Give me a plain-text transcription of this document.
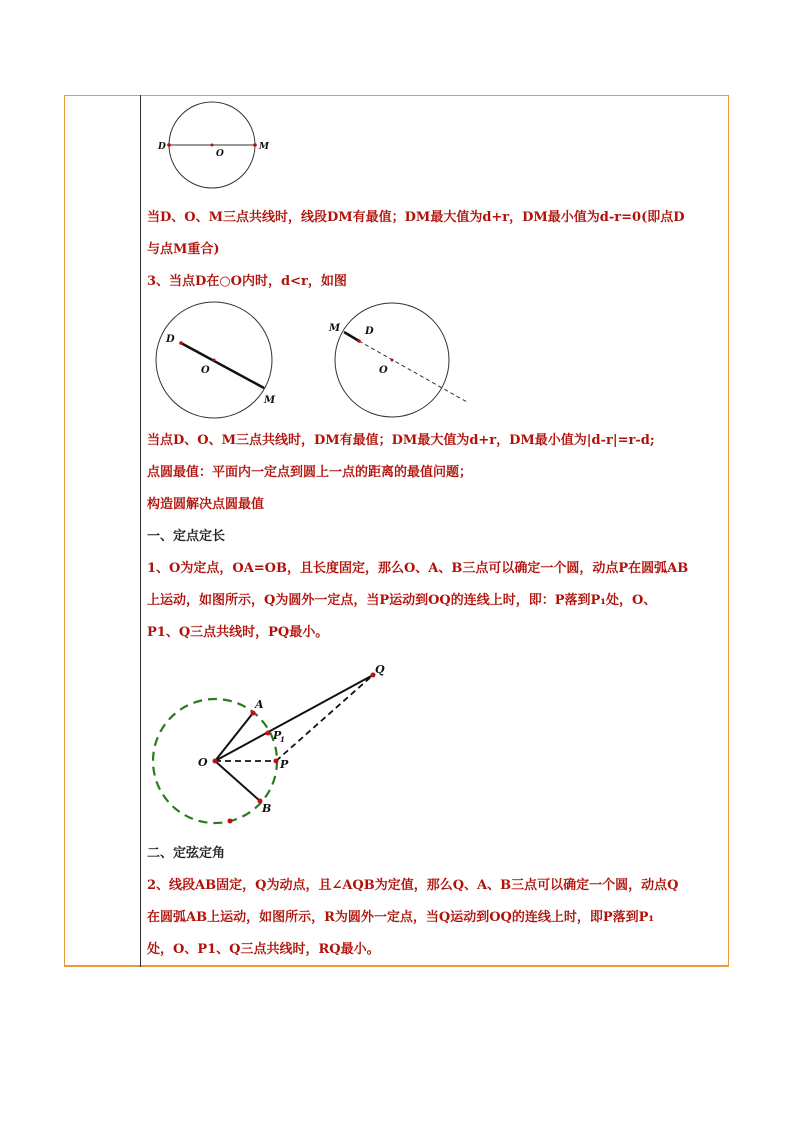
D
O
M
当D、O、M三点共线时，线段DM有最值；DM最大值为d+r，DM最小值为d-r=0(即点D
与点M重合)
3、当点D在○O内时，d<r，如图
D
O
M
M D
O
当点D、O、M三点共线时，DM有最值；DM最大值为d+r，DM最小值为|d-r|=r-d;
点圆最值：平面内一定点到圆上一点的距离的最值问题；
构造圆解决点圆最值
一、定点定长
1、O为定点，OA=OB，且长度固定，那么O、A、B三点可以确定一个圆，动点P在圆弧AB
上运动，如图所示，Q为圆外一定点，当P运动到OQ的连线上时，即：P落到P₁处，O、
P1、Q三点共线时，PQ最小。
Q
A
P
1
O	P
B
二、定弦定角
2、线段AB固定，Q为动点，且∠AQB为定值，那么Q、A、B三点可以确定一个圆，动点Q
在圆弧AB上运动，如图所示，R为圆外一定点，当Q运动到OQ的连线上时，即P落到P₁
处，O、P1、Q三点共线时，RQ最小。
